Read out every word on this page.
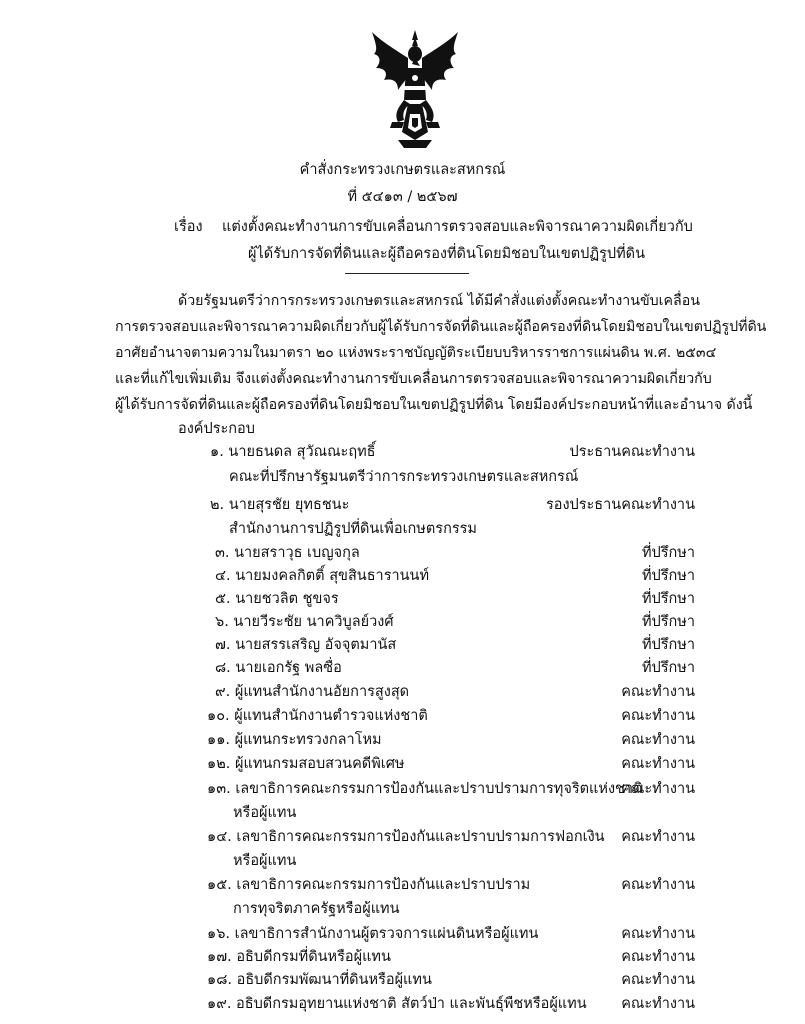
คำสั่งกระทรวงเกษตรและสหกรณ์
ที่ ๕๔๑๓ / ๒๕๖๗
เรื่อง แต่งตั้งคณะทำงานการขับเคลื่อนการตรวจสอบและพิจารณาความผิดเกี่ยวกับ
ผู้ได้รับการจัดที่ดินและผู้ถือครองที่ดินโดยมิชอบในเขตปฏิรูปที่ดิน
ด้วยรัฐมนตรีว่าการกระทรวงเกษตรและสหกรณ์ ได้มีคำสั่งแต่งตั้งคณะทำงานขับเคลื่อน
การตรวจสอบและพิจารณาความผิดเกี่ยวกับผู้ได้รับการจัดที่ดินและผู้ถือครองที่ดินโดยมิชอบในเขตปฏิรูปที่ดิน
อาศัยอำนาจตามความในมาตรา ๒๐ แห่งพระราชบัญญัติระเบียบบริหารราชการแผ่นดิน พ.ศ. ๒๕๓๔
และที่แก้ไขเพิ่มเติม จึงแต่งตั้งคณะทำงานการขับเคลื่อนการตรวจสอบและพิจารณาความผิดเกี่ยวกับ
ผู้ได้รับการจัดที่ดินและผู้ถือครองที่ดินโดยมิชอบในเขตปฏิรูปที่ดิน โดยมีองค์ประกอบหน้าที่และอำนาจ ดังนี้
องค์ประกอบ
๑. นายธนดล สุวัณณะฤทธิ์	ประธานคณะทำงาน
คณะที่ปรึกษารัฐมนตรีว่าการกระทรวงเกษตรและสหกรณ์
๒. นายสุรชัย ยุทธชนะ	รองประธานคณะทำงาน
สำนักงานการปฏิรูปที่ดินเพื่อเกษตรกรรม
๓. นายสราวุธ เบญจกุล	ที่ปรึกษา
๔. นายมงคลกิตติ์ สุขสินธารานนท์	ที่ปรึกษา
๕. นายชวลิต ชูขจร	ที่ปรึกษา
๖. นายวีระชัย นาควิบูลย์วงศ์	ที่ปรึกษา
๗. นายสรรเสริญ อัจจุตมานัส	ที่ปรึกษา
๘. นายเอกรัฐ พลซื่อ	ที่ปรึกษา
๙. ผู้แทนสำนักงานอัยการสูงสุด	คณะทำงาน
๑๐. ผู้แทนสำนักงานตำรวจแห่งชาติ	คณะทำงาน
๑๑. ผู้แทนกระทรวงกลาโหม	คณะทำงาน
๑๒. ผู้แทนกรมสอบสวนคดีพิเศษ	คณะทำงาน
๑๓. เลขาธิการคณะกรรมการป้องกันและปราบปรามการทุจริตแห่งชาติ
คณะทำงาน
หรือผู้แทน
๑๔. เลขาธิการคณะกรรมการป้องกันและปราบปรามการฟอกเงิน คณะทำงาน
หรือผู้แทน
๑๕. เลขาธิการคณะกรรมการป้องกันและปราบปราม	คณะทำงาน
การทุจริตภาครัฐหรือผู้แทน
๑๖. เลขาธิการสำนักงานผู้ตรวจการแผ่นดินหรือผู้แทน	คณะทำงาน
๑๗. อธิบดีกรมที่ดินหรือผู้แทน	คณะทำงาน
๑๘. อธิบดีกรมพัฒนาที่ดินหรือผู้แทน	คณะทำงาน
๑๙. อธิบดีกรมอุทยานแห่งชาติ สัตว์ป่า และพันธุ์พืชหรือผู้แทน คณะทำงาน
